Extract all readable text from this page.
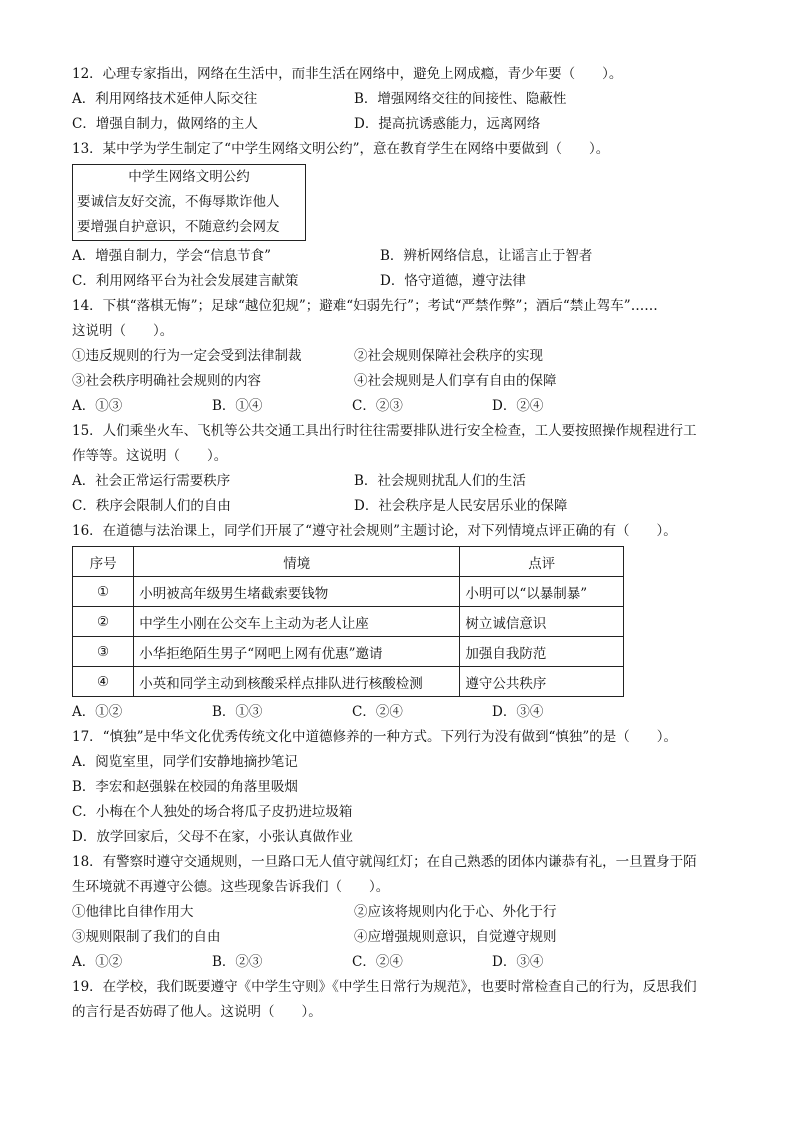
12．心理专家指出，网络在生活中，而非生活在网络中，避免上网成瘾，青少年要（　　）。
A．利用网络技术延伸人际交往	B．增强网络交往的间接性、隐蔽性
C．增强自制力，做网络的主人	D．提高抗诱惑能力，远离网络
13．某中学为学生制定了“中学生网络文明公约”，意在教育学生在网络中要做到（　　）。
中学生网络文明公约
要诚信友好交流，不侮辱欺诈他人
要增强自护意识，不随意约会网友
A．增强自制力，学会“信息节食”	B．辨析网络信息，让谣言止于智者
C．利用网络平台为社会发展建言献策	D．恪守道德，遵守法律
14．下棋“落棋无悔”；足球“越位犯规”；避难“妇弱先行”；考试“严禁作弊”；酒后“禁止驾车”……
这说明（　　）。
①违反规则的行为一定会受到法律制裁	②社会规则保障社会秩序的实现
③社会秩序明确社会规则的内容	④社会规则是人们享有自由的保障
A．①③	B．①④	C．②③	D．②④
15．人们乘坐火车、飞机等公共交通工具出行时往往需要排队进行安全检查，工人要按照操作规程进行工
作等等。这说明（　　）。
A．社会正常运行需要秩序	B．社会规则扰乱人们的生活
C．秩序会限制人们的自由	D．社会秩序是人民安居乐业的保障
16．在道德与法治课上，同学们开展了“遵守社会规则”主题讨论，对下列情境点评正确的有（　　）。
序号	情境	点评
①	小明被高年级男生堵截索要钱物	小明可以“以暴制暴”
②	中学生小刚在公交车上主动为老人让座	树立诚信意识
③	小华拒绝陌生男子“网吧上网有优惠”邀请	加强自我防范
④	小英和同学主动到核酸采样点排队进行核酸检测	遵守公共秩序
A．①②	B．①③	C．②④	D．③④
17．“慎独”是中华文化优秀传统文化中道德修养的一种方式。下列行为没有做到“慎独”的是（　　）。
A．阅览室里，同学们安静地摘抄笔记
B．李宏和赵强躲在校园的角落里吸烟
C．小梅在个人独处的场合将瓜子皮扔进垃圾箱
D．放学回家后，父母不在家，小张认真做作业
18．有警察时遵守交通规则，一旦路口无人值守就闯红灯；在自己熟悉的团体内谦恭有礼，一旦置身于陌
生环境就不再遵守公德。这些现象告诉我们（　　）。
①他律比自律作用大	②应该将规则内化于心、外化于行
③规则限制了我们的自由	④应增强规则意识，自觉遵守规则
A．①②	B．②③	C．②④	D．③④
19．在学校，我们既要遵守《中学生守则》《中学生日常行为规范》，也要时常检查自己的行为，反思我们
的言行是否妨碍了他人。这说明（　　）。
